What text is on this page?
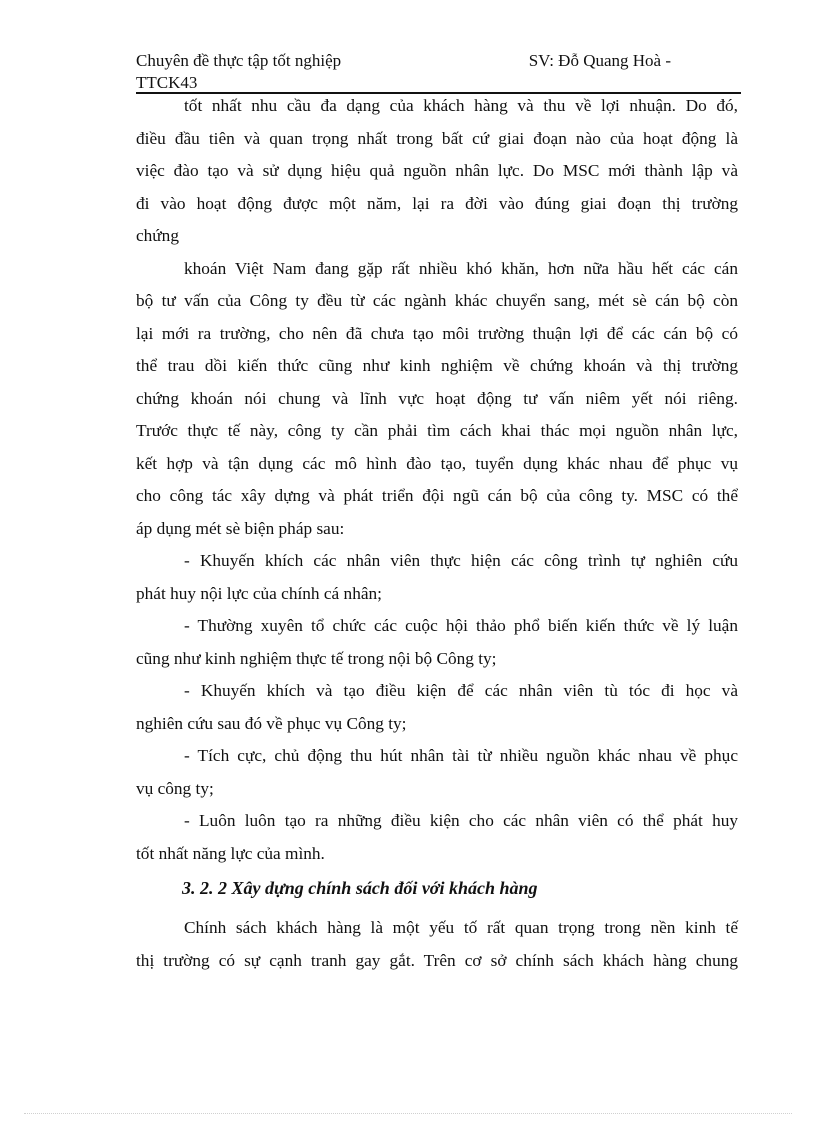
Chuyên đề thực tập tốt nghiệp
TTCK43
SV: Đỗ Quang Hoà -
tốt nhất nhu cầu đa dạng của khách hàng và thu về lợi nhuận. Do đó,
điều đầu tiên và quan trọng nhất trong bất cứ giai đoạn nào của hoạt động là
việc đào tạo và sử dụng hiệu quả nguồn nhân lực. Do MSC mới thành lập và
đi vào hoạt động được một năm, lại ra đời vào đúng giai đoạn thị trường
chứng
khoán Việt Nam đang gặp rất nhiều khó khăn, hơn nữa hầu hết các cán
bộ tư vấn của Công ty đều từ các ngành khác chuyển sang, mét sè cán bộ còn
lại mới ra trường, cho nên đã chưa tạo môi trường thuận lợi để các cán bộ có
thể trau dồi kiến thức cũng như kinh nghiệm về chứng khoán và thị trường
chứng khoán nói chung và lĩnh vực hoạt động tư vấn niêm yết nói riêng.
Trước thực tế này, công ty cần phải tìm cách khai thác mọi nguồn nhân lực,
kết hợp và tận dụng các mô hình đào tạo, tuyển dụng khác nhau để phục vụ
cho công tác xây dựng và phát triển đội ngũ cán bộ của công ty. MSC có thể
áp dụng mét sè biện pháp sau:
- Khuyến khích các nhân viên thực hiện các công trình tự nghiên cứu
phát huy nội lực của chính cá nhân;
- Thường xuyên tổ chức các cuộc hội thảo phổ biến kiến thức về lý luận
cũng như kinh nghiệm thực tế trong nội bộ Công ty;
- Khuyến khích và tạo điều kiện để các nhân viên tù tóc đi học và
nghiên cứu sau đó về phục vụ Công ty;
- Tích cực, chủ động thu hút nhân tài từ nhiều nguồn khác nhau về phục
vụ công ty;
- Luôn luôn tạo ra những điều kiện cho các nhân viên có thể phát huy
tốt nhất năng lực của mình.
3. 2. 2 Xây dựng chính sách đối với khách hàng
Chính sách khách hàng là một yếu tố rất quan trọng trong nền kinh tế
thị trường có sự cạnh tranh gay gắt. Trên cơ sở chính sách khách hàng chung
